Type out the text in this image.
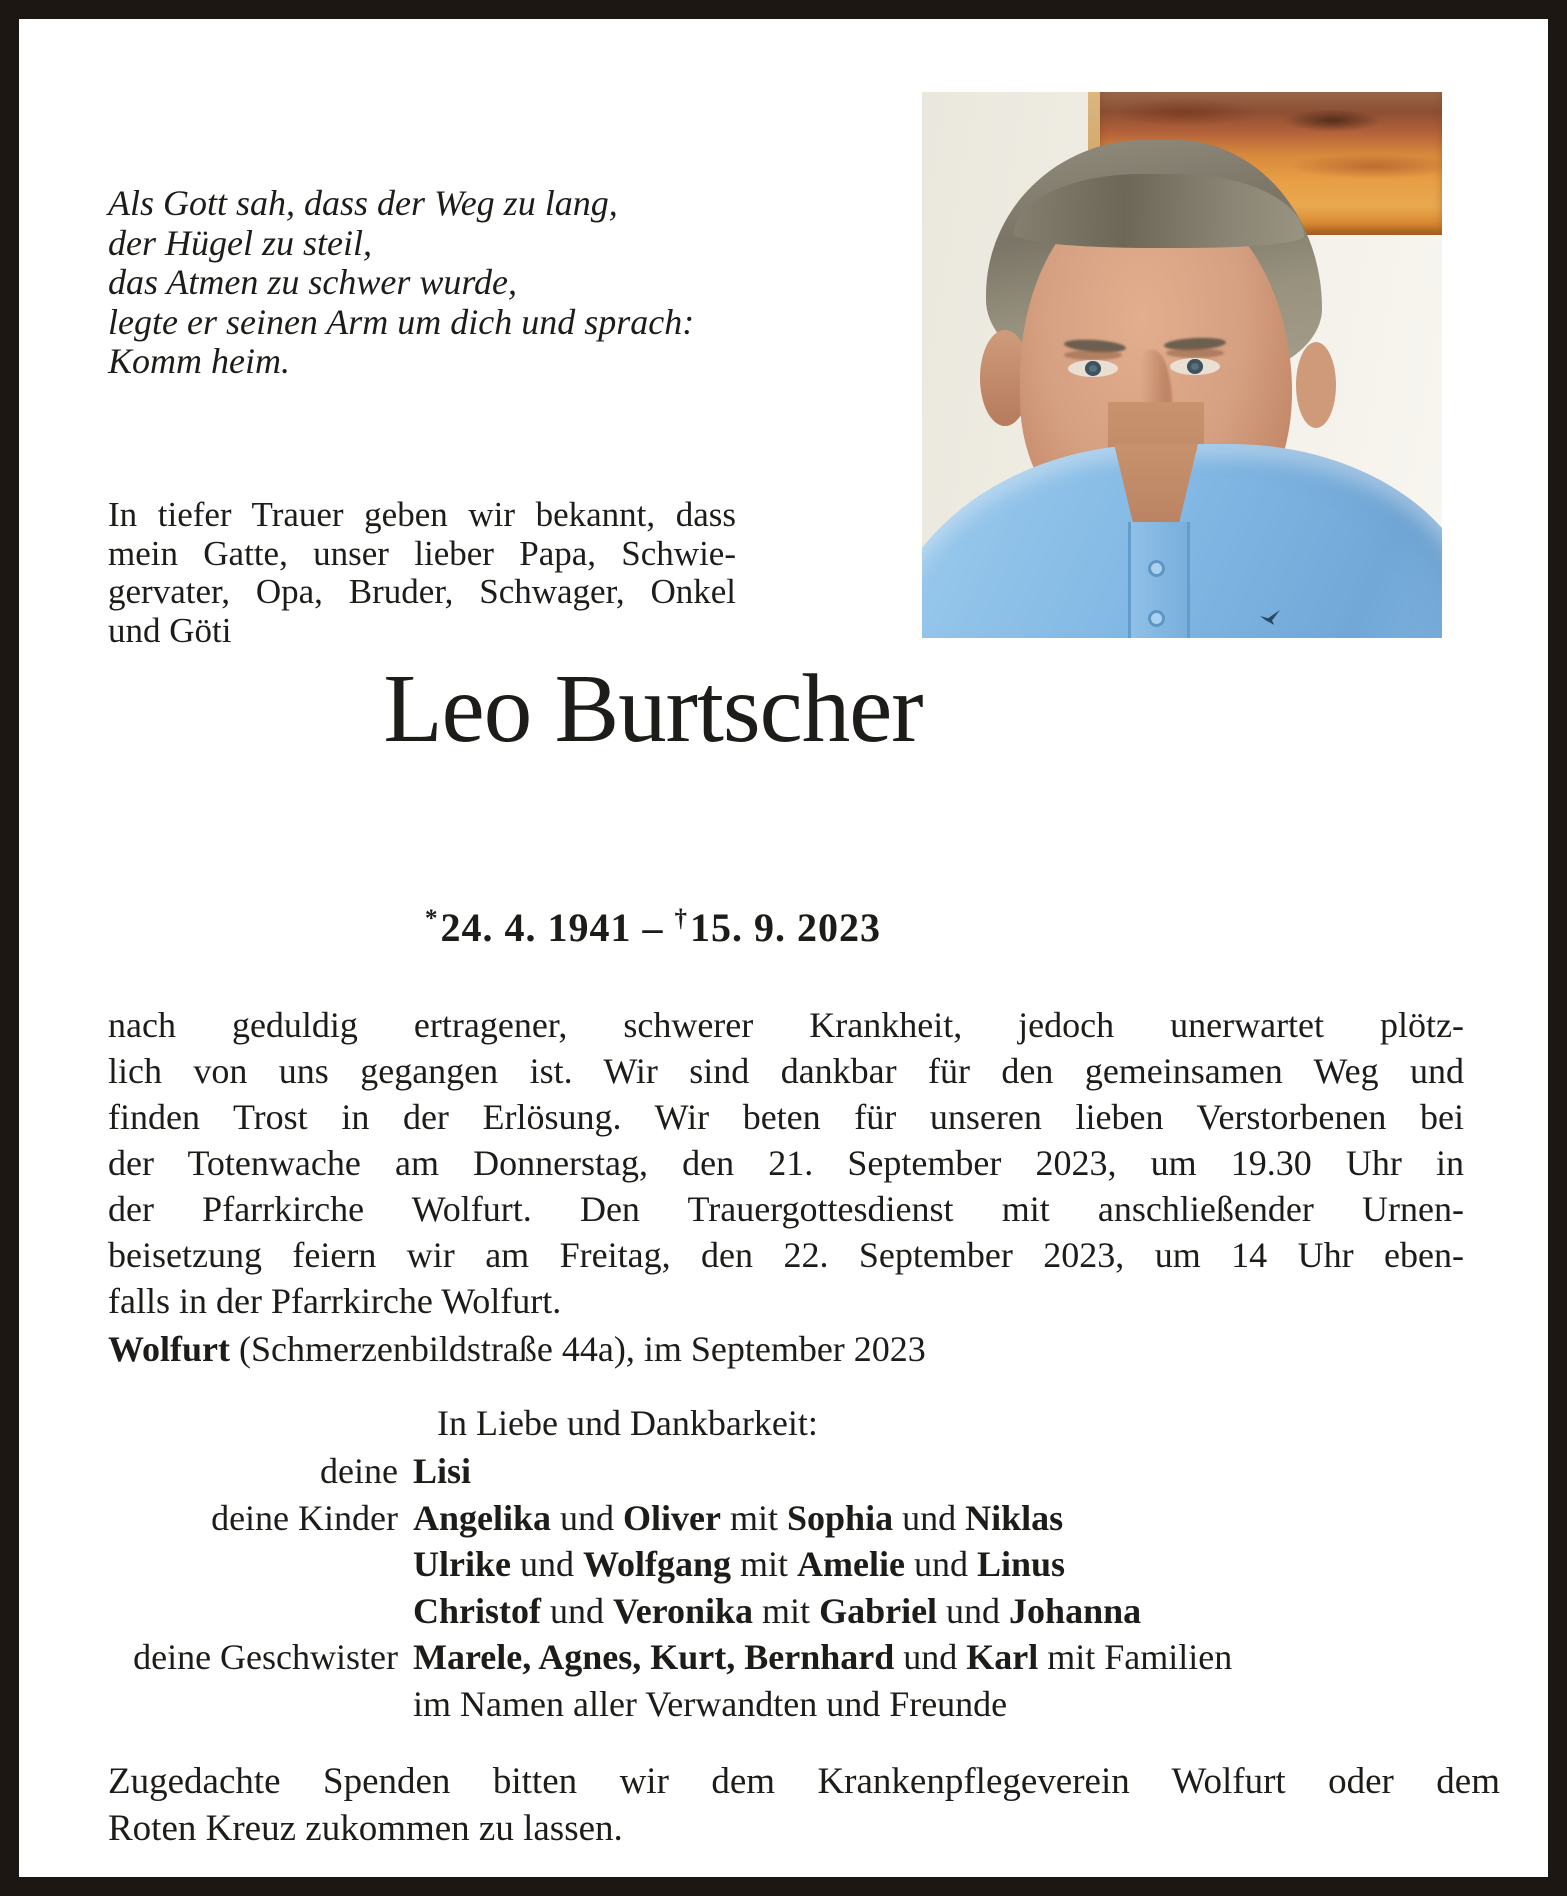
Als Gott sah, dass der Weg zu lang,
der Hügel zu steil,
das Atmen zu schwer wurde,
legte er seinen Arm um dich und sprach:
Komm heim.
In tiefer Trauer geben wir bekannt, dass
mein Gatte, unser lieber Papa, Schwie-
gervater, Opa, Bruder, Schwager, Onkel
und Göti
Leo Burtscher
*24. 4. 1941 – †15. 9. 2023
nach geduldig ertragener, schwerer Krankheit, jedoch unerwartet plötz-
lich von uns gegangen ist. Wir sind dankbar für den gemeinsamen Weg und
finden Trost in der Erlösung. Wir beten für unseren lieben Verstorbenen bei
der Totenwache am Donnerstag, den 21. September 2023, um 19.30 Uhr in
der Pfarrkirche Wolfurt. Den Trauergottesdienst mit anschließender Urnen-
beisetzung feiern wir am Freitag, den 22. September 2023, um 14 Uhr eben-
falls in der Pfarrkirche Wolfurt.
Wolfurt (Schmerzenbildstraße 44a), im September 2023
In Liebe und Dankbarkeit:
deine Lisi
deine Kinder Angelika und Oliver mit Sophia und Niklas
Ulrike und Wolfgang mit Amelie und Linus
Christof und Veronika mit Gabriel und Johanna
deine Geschwister Marele, Agnes, Kurt, Bernhard und Karl mit Familien
im Namen aller Verwandten und Freunde
Zugedachte Spenden bitten wir dem Krankenpflegeverein Wolfurt oder dem
Roten Kreuz zukommen zu lassen.
